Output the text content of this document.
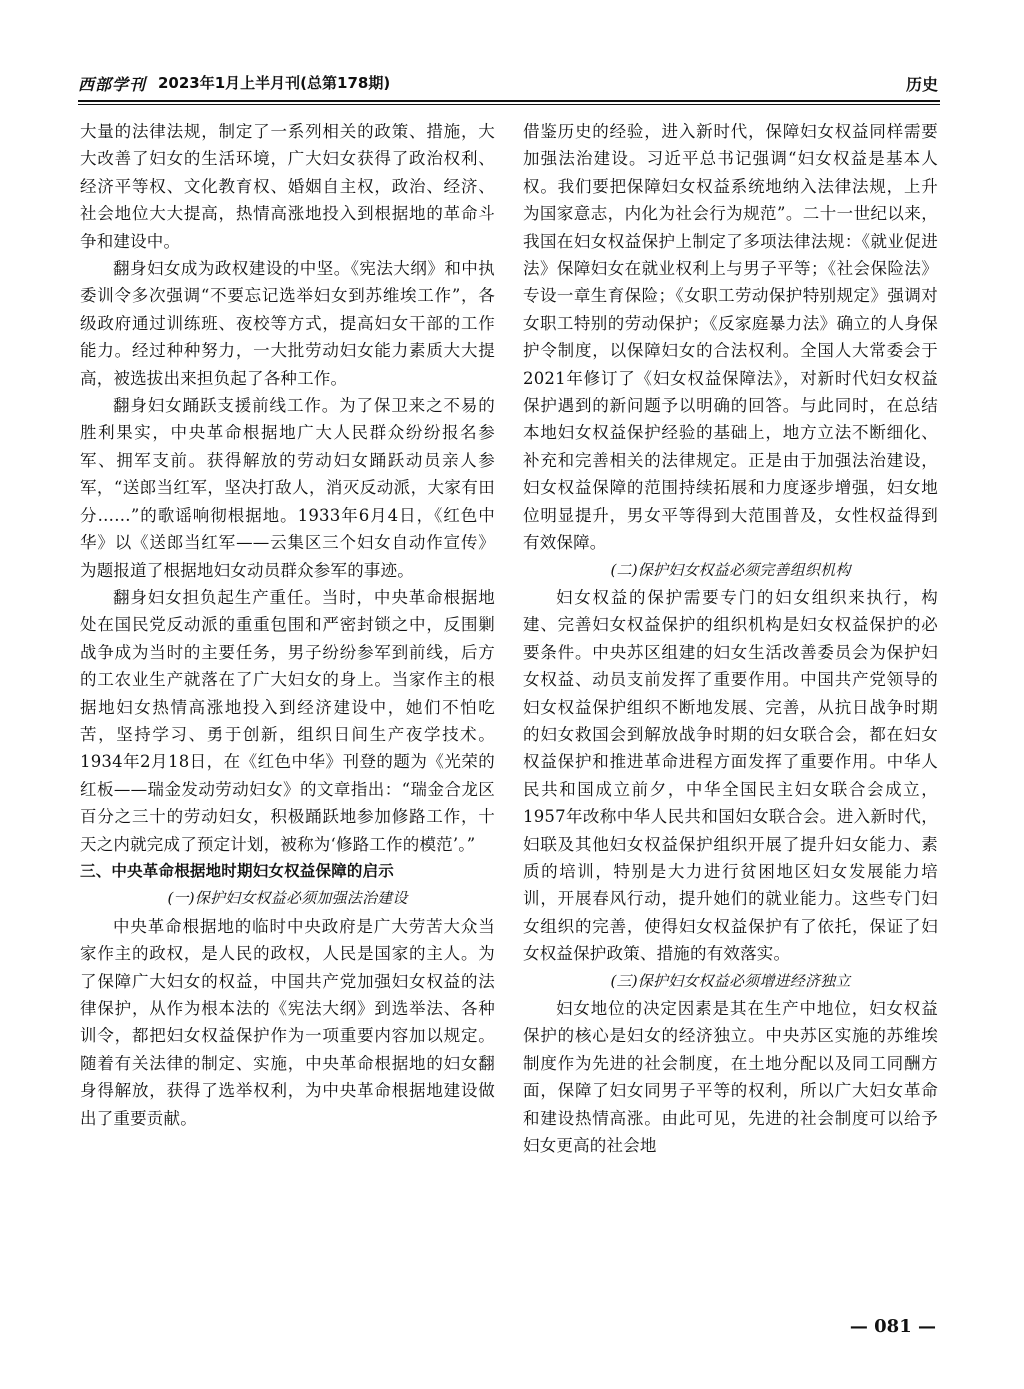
西部学刊 2023年1月上半月刊(总第178期)	历史

大量的法律法规，制定了一系列相关的政策、措施，大大改善了妇女的生活环境，广大妇女获得了政治权利、经济平等权、文化教育权、婚姻自主权，政治、经济、社会地位大大提高，热情高涨地投入到根据地的革命斗争和建设中。

翻身妇女成为政权建设的中坚。《宪法大纲》和中执委训令多次强调“不要忘记选举妇女到苏维埃工作”，各级政府通过训练班、夜校等方式，提高妇女干部的工作能力。经过种种努力，一大批劳动妇女能力素质大大提高，被选拔出来担负起了各种工作。

翻身妇女踊跃支援前线工作。为了保卫来之不易的胜利果实，中央革命根据地广大人民群众纷纷报名参军、拥军支前。获得解放的劳动妇女踊跃动员亲人参军，“送郎当红军，坚决打敌人，消灭反动派，大家有田分……”的歌谣响彻根据地。1933年6月4日，《红色中华》以《送郎当红军——云集区三个妇女自动作宣传》为题报道了根据地妇女动员群众参军的事迹。

翻身妇女担负起生产重任。当时，中央革命根据地处在国民党反动派的重重包围和严密封锁之中，反围剿战争成为当时的主要任务，男子纷纷参军到前线，后方的工农业生产就落在了广大妇女的身上。当家作主的根据地妇女热情高涨地投入到经济建设中，她们不怕吃苦，坚持学习、勇于创新，组织日间生产夜学技术。1934年2月18日，在《红色中华》刊登的题为《光荣的红板——瑞金发动劳动妇女》的文章指出：“瑞金合龙区百分之三十的劳动妇女，积极踊跃地参加修路工作，十天之内就完成了预定计划，被称为‘修路工作的模范’。”

三、中央革命根据地时期妇女权益保障的启示
(一)保护妇女权益必须加强法治建设

中央革命根据地的临时中央政府是广大劳苦大众当家作主的政权，是人民的政权，人民是国家的主人。为了保障广大妇女的权益，中国共产党加强妇女权益的法律保护，从作为根本法的《宪法大纲》到选举法、各种训令，都把妇女权益保护作为一项重要内容加以规定。随着有关法律的制定、实施，中央革命根据地的妇女翻身得解放，获得了选举权利，为中央革命根据地建设做出了重要贡献。

借鉴历史的经验，进入新时代，保障妇女权益同样需要加强法治建设。习近平总书记强调“妇女权益是基本人权。我们要把保障妇女权益系统地纳入法律法规，上升为国家意志，内化为社会行为规范”。二十一世纪以来，我国在妇女权益保护上制定了多项法律法规：《就业促进法》保障妇女在就业权利上与男子平等；《社会保险法》专设一章生育保险；《女职工劳动保护特别规定》强调对女职工特别的劳动保护；《反家庭暴力法》确立的人身保护令制度，以保障妇女的合法权利。全国人大常委会于2021年修订了《妇女权益保障法》，对新时代妇女权益保护遇到的新问题予以明确的回答。与此同时，在总结本地妇女权益保护经验的基础上，地方立法不断细化、补充和完善相关的法律规定。正是由于加强法治建设，妇女权益保障的范围持续拓展和力度逐步增强，妇女地位明显提升，男女平等得到大范围普及，女性权益得到有效保障。

(二)保护妇女权益必须完善组织机构

妇女权益的保护需要专门的妇女组织来执行，构建、完善妇女权益保护的组织机构是妇女权益保护的必要条件。中央苏区组建的妇女生活改善委员会为保护妇女权益、动员支前发挥了重要作用。中国共产党领导的妇女权益保护组织不断地发展、完善，从抗日战争时期的妇女救国会到解放战争时期的妇女联合会，都在妇女权益保护和推进革命进程方面发挥了重要作用。中华人民共和国成立前夕，中华全国民主妇女联合会成立，1957年改称中华人民共和国妇女联合会。进入新时代，妇联及其他妇女权益保护组织开展了提升妇女能力、素质的培训，特别是大力进行贫困地区妇女发展能力培训，开展春风行动，提升她们的就业能力。这些专门妇女组织的完善，使得妇女权益保护有了依托，保证了妇女权益保护政策、措施的有效落实。

(三)保护妇女权益必须增进经济独立

妇女地位的决定因素是其在生产中地位，妇女权益保护的核心是妇女的经济独立。中央苏区实施的苏维埃制度作为先进的社会制度，在土地分配以及同工同酬方面，保障了妇女同男子平等的权利，所以广大妇女革命和建设热情高涨。由此可见，先进的社会制度可以给予妇女更高的社会地

— 081 —
